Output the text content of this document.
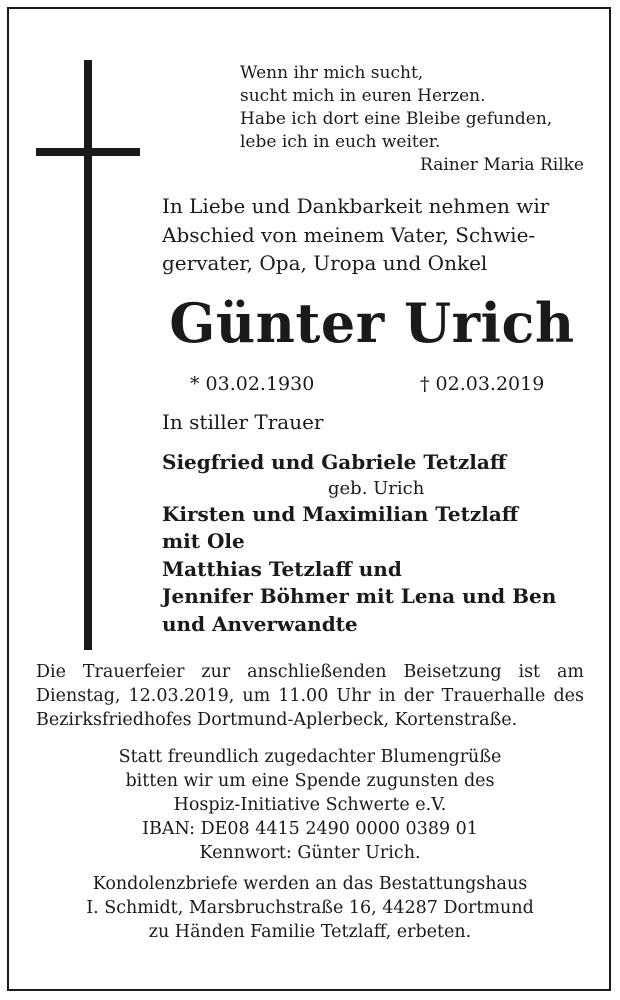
Wenn ihr mich sucht,
sucht mich in euren Herzen.
Habe ich dort eine Bleibe gefunden,
lebe ich in euch weiter.
Rainer Maria Rilke
In Liebe und Dankbarkeit nehmen wir
Abschied von meinem Vater, Schwie-
gervater, Opa, Uropa und Onkel
Günter Urich
* 03.02.1930	† 02.03.2019
In stiller Trauer
Siegfried und Gabriele Tetzlaff
geb. Urich
Kirsten und Maximilian Tetzlaff
mit Ole
Matthias Tetzlaff und
Jennifer Böhmer mit Lena und Ben
und Anverwandte
Die Trauerfeier zur anschließenden Beisetzung ist am
Dienstag, 12.03.2019, um 11.00 Uhr in der Trauerhalle des
Bezirksfriedhofes Dortmund-Aplerbeck, Kortenstraße.
Statt freundlich zugedachter Blumengrüße
bitten wir um eine Spende zugunsten des
Hospiz-Initiative Schwerte e.V.
IBAN: DE08 4415 2490 0000 0389 01
Kennwort: Günter Urich.
Kondolenzbriefe werden an das Bestattungshaus
I. Schmidt, Marsbruchstraße 16, 44287 Dortmund
zu Händen Familie Tetzlaff, erbeten.
